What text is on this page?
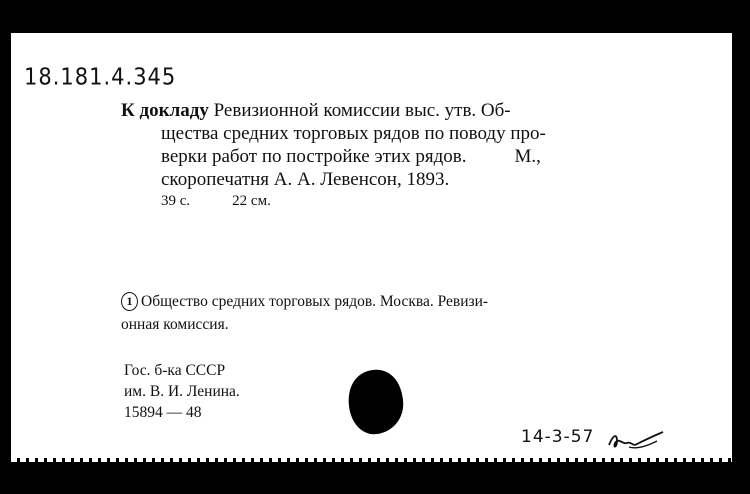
18.181.4.345
К докладу Ревизионной комиссии выс. утв. Об-
щества средних торговых рядов по поводу про-
верки работ по постройке этих рядов.	М.,
скоропечатня А. А. Левенсон, 1893.
39 с.	22 см.
1 Общество средних торговых рядов. Москва. Ревизи-
онная комиссия.
Гос. б-ка СССР
им. В. И. Ленина.
15894 — 48
14-3-57
